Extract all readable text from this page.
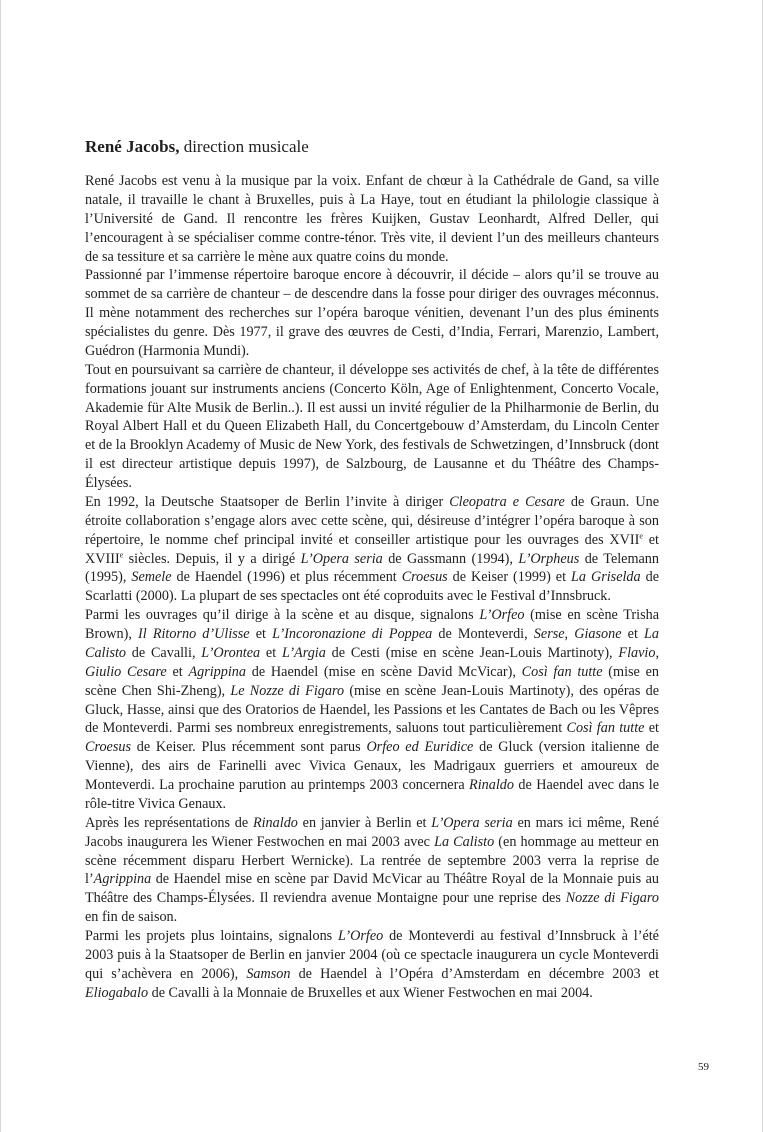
René Jacobs, direction musicale

René Jacobs est venu à la musique par la voix. Enfant de chœur à la Cathédrale de Gand, sa ville natale, il travaille le chant à Bruxelles, puis à La Haye, tout en étudiant la philologie classique à l’Université de Gand. Il rencontre les frères Kuijken, Gustav Leonhardt, Alfred Deller, qui l’encouragent à se spécialiser comme contre-ténor. Très vite, il devient l’un des meilleurs chanteurs de sa tessiture et sa carrière le mène aux quatre coins du monde.

Passionné par l’immense répertoire baroque encore à découvrir, il décide – alors qu’il se trouve au sommet de sa carrière de chanteur – de descendre dans la fosse pour diriger des ouvrages méconnus. Il mène notamment des recherches sur l’opéra baroque vénitien, devenant l’un des plus éminents spécialistes du genre. Dès 1977, il grave des œuvres de Cesti, d’India, Ferrari, Marenzio, Lambert, Guédron (Harmonia Mundi).

Tout en poursuivant sa carrière de chanteur, il développe ses activités de chef, à la tête de différentes formations jouant sur instruments anciens (Concerto Köln, Age of Enlightenment, Concerto Vocale, Akademie für Alte Musik de Berlin..). Il est aussi un invité régulier de la Philharmonie de Berlin, du Royal Albert Hall et du Queen Elizabeth Hall, du Concertgebouw d’Amsterdam, du Lincoln Center et de la Brooklyn Academy of Music de New York, des festivals de Schwetzingen, d’Innsbruck (dont il est directeur artistique depuis 1997), de Salzbourg, de Lausanne et du Théâtre des Champs-Élysées.

En 1992, la Deutsche Staatsoper de Berlin l’invite à diriger Cleopatra e Cesare de Graun. Une étroite collaboration s’engage alors avec cette scène, qui, désireuse d’intégrer l’opéra baroque à son répertoire, le nomme chef principal invité et conseiller artistique pour les ouvrages des XVIIe et XVIIIe siècles. Depuis, il y a dirigé L’Opera seria de Gassmann (1994), L’Orpheus de Telemann (1995), Semele de Haendel (1996) et plus récemment Croesus de Keiser (1999) et La Griselda de Scarlatti (2000). La plupart de ses spectacles ont été coproduits avec le Festival d’Innsbruck.

Parmi les ouvrages qu’il dirige à la scène et au disque, signalons L’Orfeo (mise en scène Trisha Brown), Il Ritorno d’Ulisse et L’Incoronazione di Poppea de Monteverdi, Serse, Giasone et La Calisto de Cavalli, L’Orontea et L’Argia de Cesti (mise en scène Jean-Louis Martinoty), Flavio, Giulio Cesare et Agrippina de Haendel (mise en scène David McVicar), Così fan tutte (mise en scène Chen Shi-Zheng), Le Nozze di Figaro (mise en scène Jean-Louis Martinoty), des opéras de Gluck, Hasse, ainsi que des Oratorios de Haendel, les Passions et les Cantates de Bach ou les Vêpres de Monteverdi. Parmi ses nombreux enregistrements, saluons tout particulièrement Così fan tutte et Croesus de Keiser. Plus récemment sont parus Orfeo ed Euridice de Gluck (version italienne de Vienne), des airs de Farinelli avec Vivica Genaux, les Madrigaux guerriers et amoureux de Monteverdi. La prochaine parution au printemps 2003 concernera Rinaldo de Haendel avec dans le rôle-titre Vivica Genaux.

Après les représentations de Rinaldo en janvier à Berlin et L’Opera seria en mars ici même, René Jacobs inaugurera les Wiener Festwochen en mai 2003 avec La Calisto (en hommage au metteur en scène récemment disparu Herbert Wernicke). La rentrée de septembre 2003 verra la reprise de l’Agrippina de Haendel mise en scène par David McVicar au Théâtre Royal de la Monnaie puis au Théâtre des Champs-Élysées. Il reviendra avenue Montaigne pour une reprise des Nozze di Figaro en fin de saison.

Parmi les projets plus lointains, signalons L’Orfeo de Monteverdi au festival d’Innsbruck à l’été 2003 puis à la Staatsoper de Berlin en janvier 2004 (où ce spectacle inaugurera un cycle Monteverdi qui s’achèvera en 2006), Samson de Haendel à l’Opéra d’Amsterdam en décembre 2003 et Eliogabalo de Cavalli à la Monnaie de Bruxelles et aux Wiener Festwochen en mai 2004.

59
